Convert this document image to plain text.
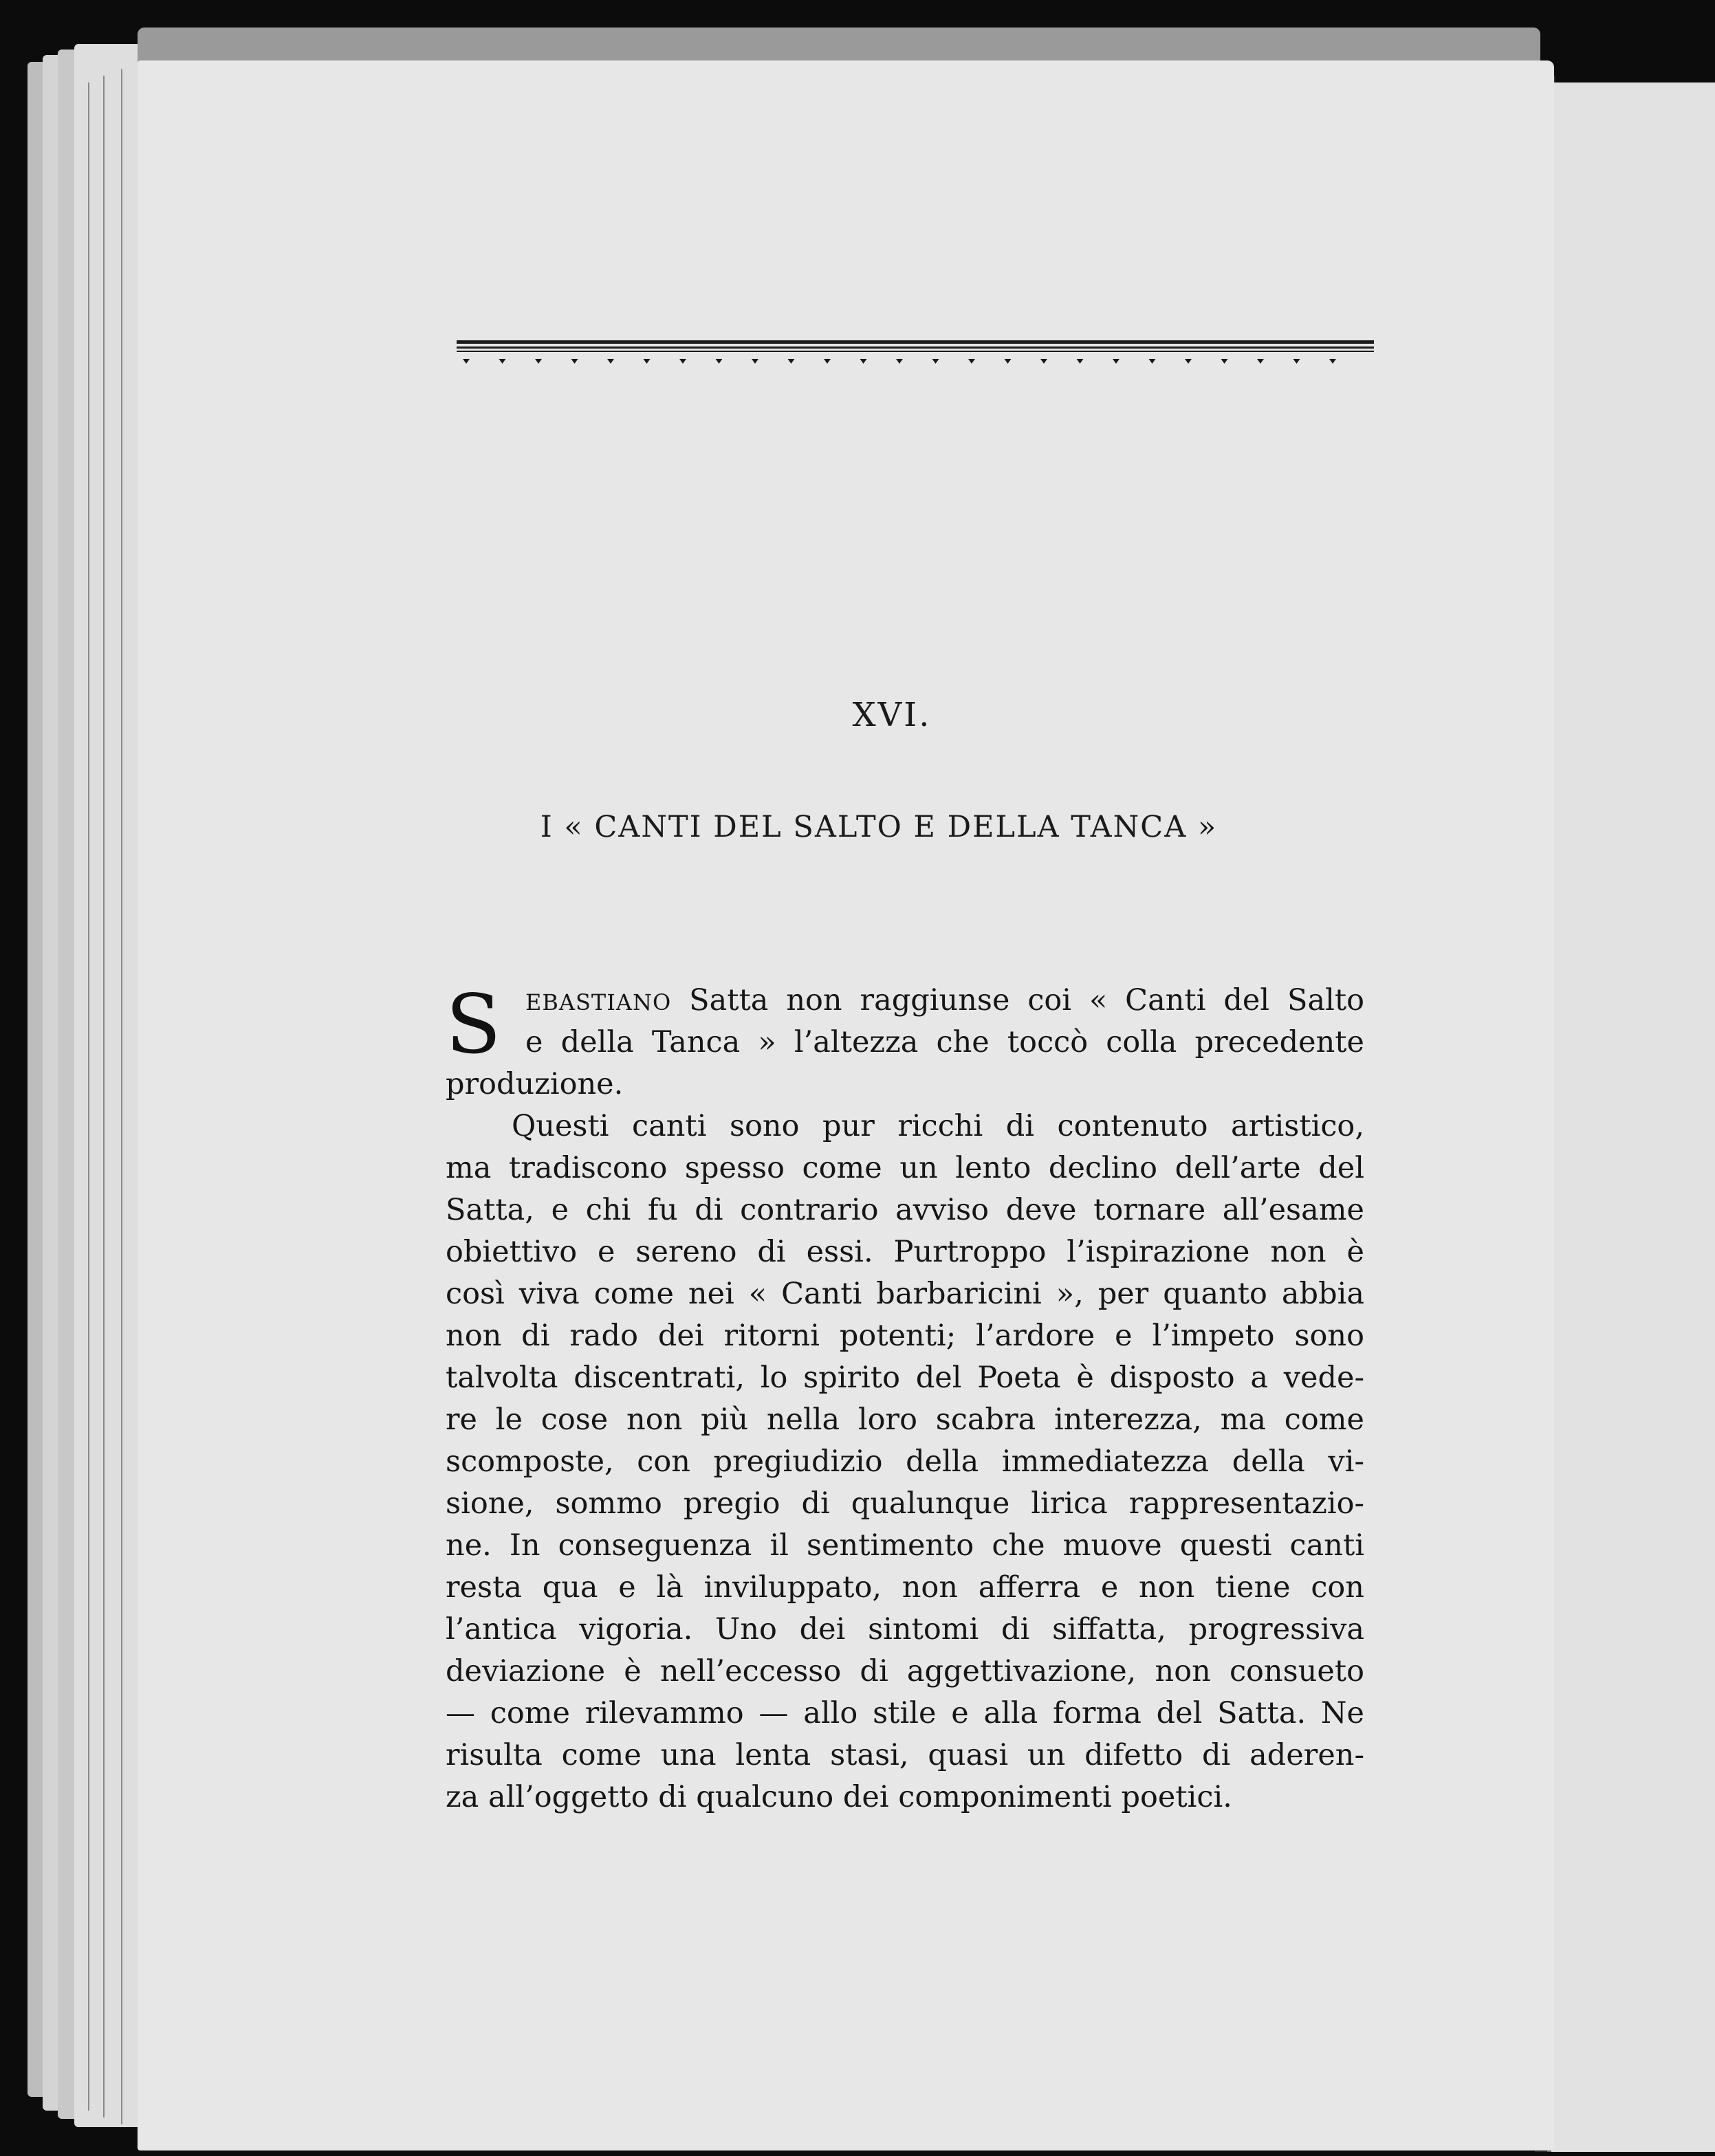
XVI.
I « CANTI DEL SALTO E DELLA TANCA »
S	EBASTIANO Satta non raggiunse coi « Canti del Salto
e della Tanca » l’altezza che toccò colla precedente
produzione.
Questi canti sono pur ricchi di contenuto artistico,
ma tradiscono spesso come un lento declino dell’arte del
Satta, e chi fu di contrario avviso deve tornare all’esame
obiettivo e sereno di essi. Purtroppo l’ispirazione non è
così viva come nei « Canti barbaricini », per quanto abbia
non di rado dei ritorni potenti; l’ardore e l’impeto sono
talvolta discentrati, lo spirito del Poeta è disposto a vede-
re le cose non più nella loro scabra interezza, ma come
scomposte, con pregiudizio della immediatezza della vi-
sione, sommo pregio di qualunque lirica rappresentazio-
ne. In conseguenza il sentimento che muove questi canti
resta qua e là inviluppato, non afferra e non tiene con
l’antica vigoria. Uno dei sintomi di siffatta, progressiva
deviazione è nell’eccesso di aggettivazione, non consueto
— come rilevammo — allo stile e alla forma del Satta. Ne
risulta come una lenta stasi, quasi un difetto di aderen-
za all’oggetto di qualcuno dei componimenti poetici.
